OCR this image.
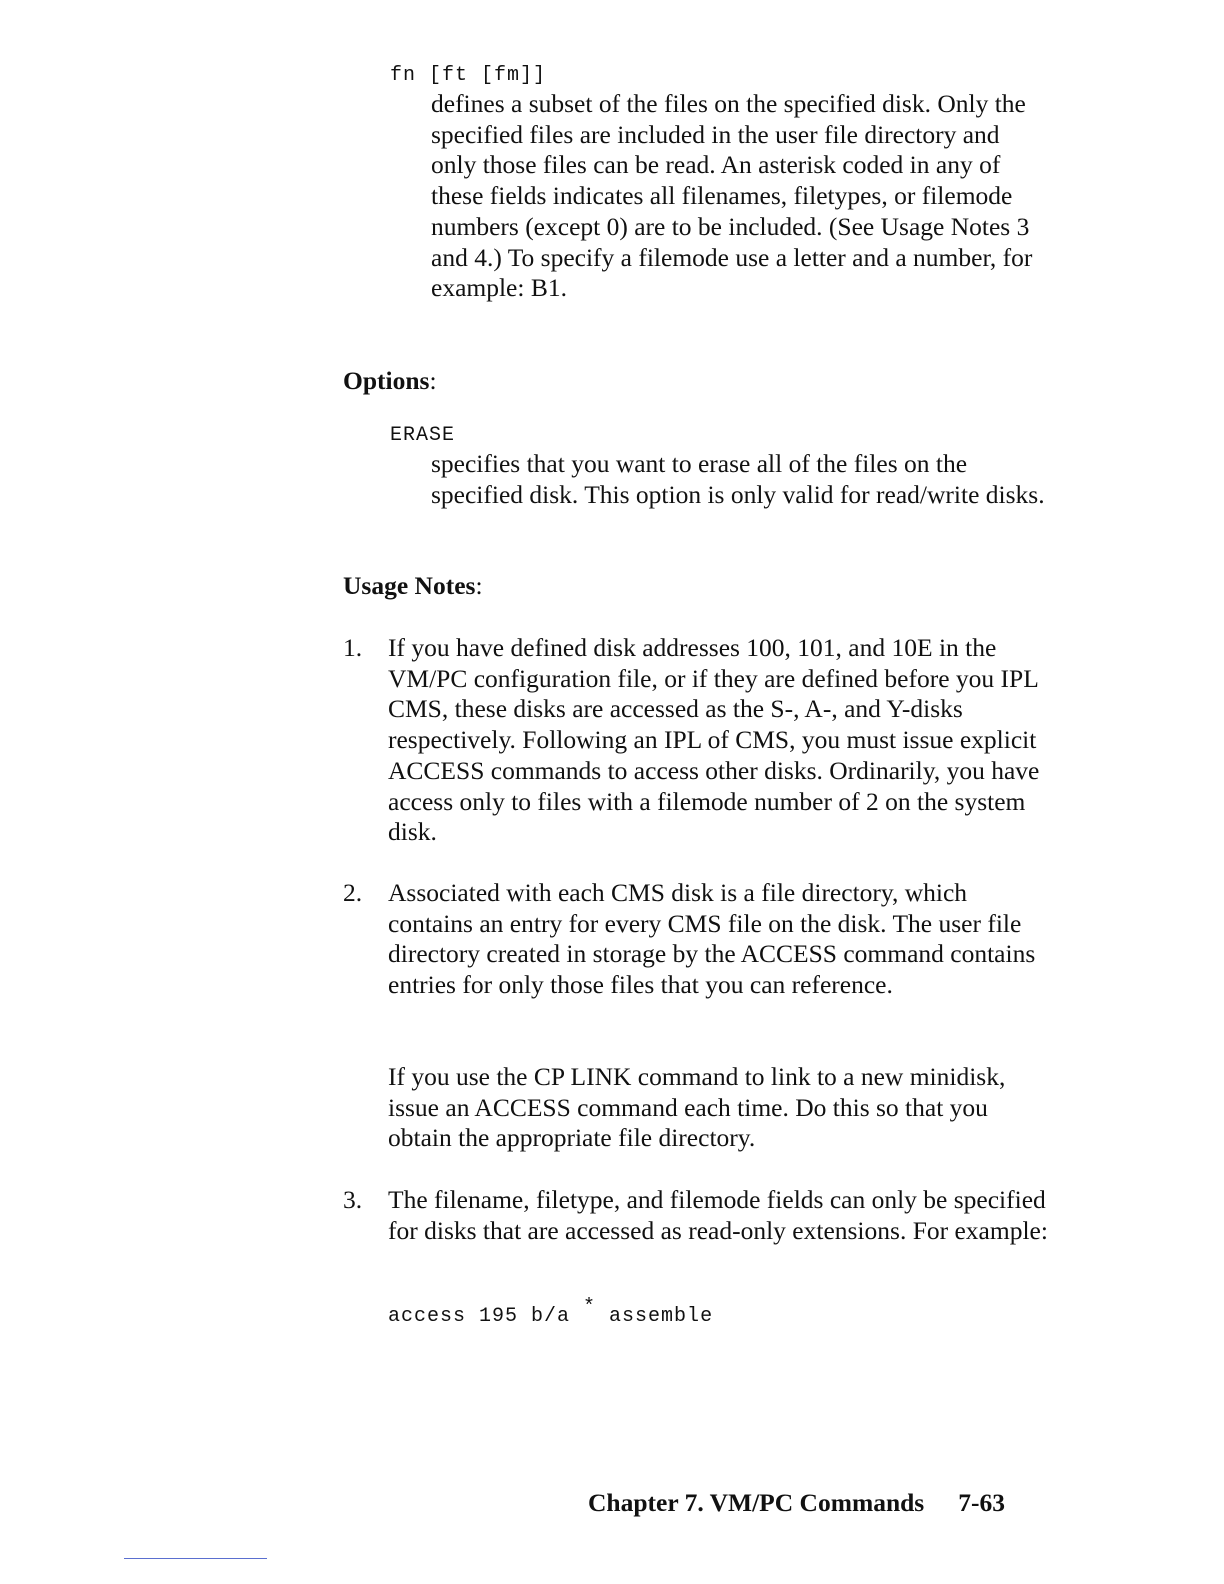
fn [ft [fm]]
defines a subset of the files on the specified disk. Only the specified files are included in the user file directory and only those files can be read. An asterisk coded in any of these fields indicates all filenames, filetypes, or filemode numbers (except 0) are to be included. (See Usage Notes 3 and 4.) To specify a filemode use a letter and a number, for example: B1.
Options:
ERASE
specifies that you want to erase all of the files on the specified disk. This option is only valid for read/write disks.
Usage Notes:
1. If you have defined disk addresses 100, 101, and 10E in the VM/PC configuration file, or if they are defined before you IPL CMS, these disks are accessed as the S-, A-, and Y-disks respectively. Following an IPL of CMS, you must issue explicit ACCESS commands to access other disks. Ordinarily, you have access only to files with a filemode number of 2 on the system disk.
2. Associated with each CMS disk is a file directory, which contains an entry for every CMS file on the disk. The user file directory created in storage by the ACCESS command contains entries for only those files that you can reference.
If you use the CP LINK command to link to a new minidisk, issue an ACCESS command each time. Do this so that you obtain the appropriate file directory.
3. The filename, filetype, and filemode fields can only be specified for disks that are accessed as read-only extensions. For example:
access 195 b/a * assemble
Chapter 7. VM/PC Commands 7-63
